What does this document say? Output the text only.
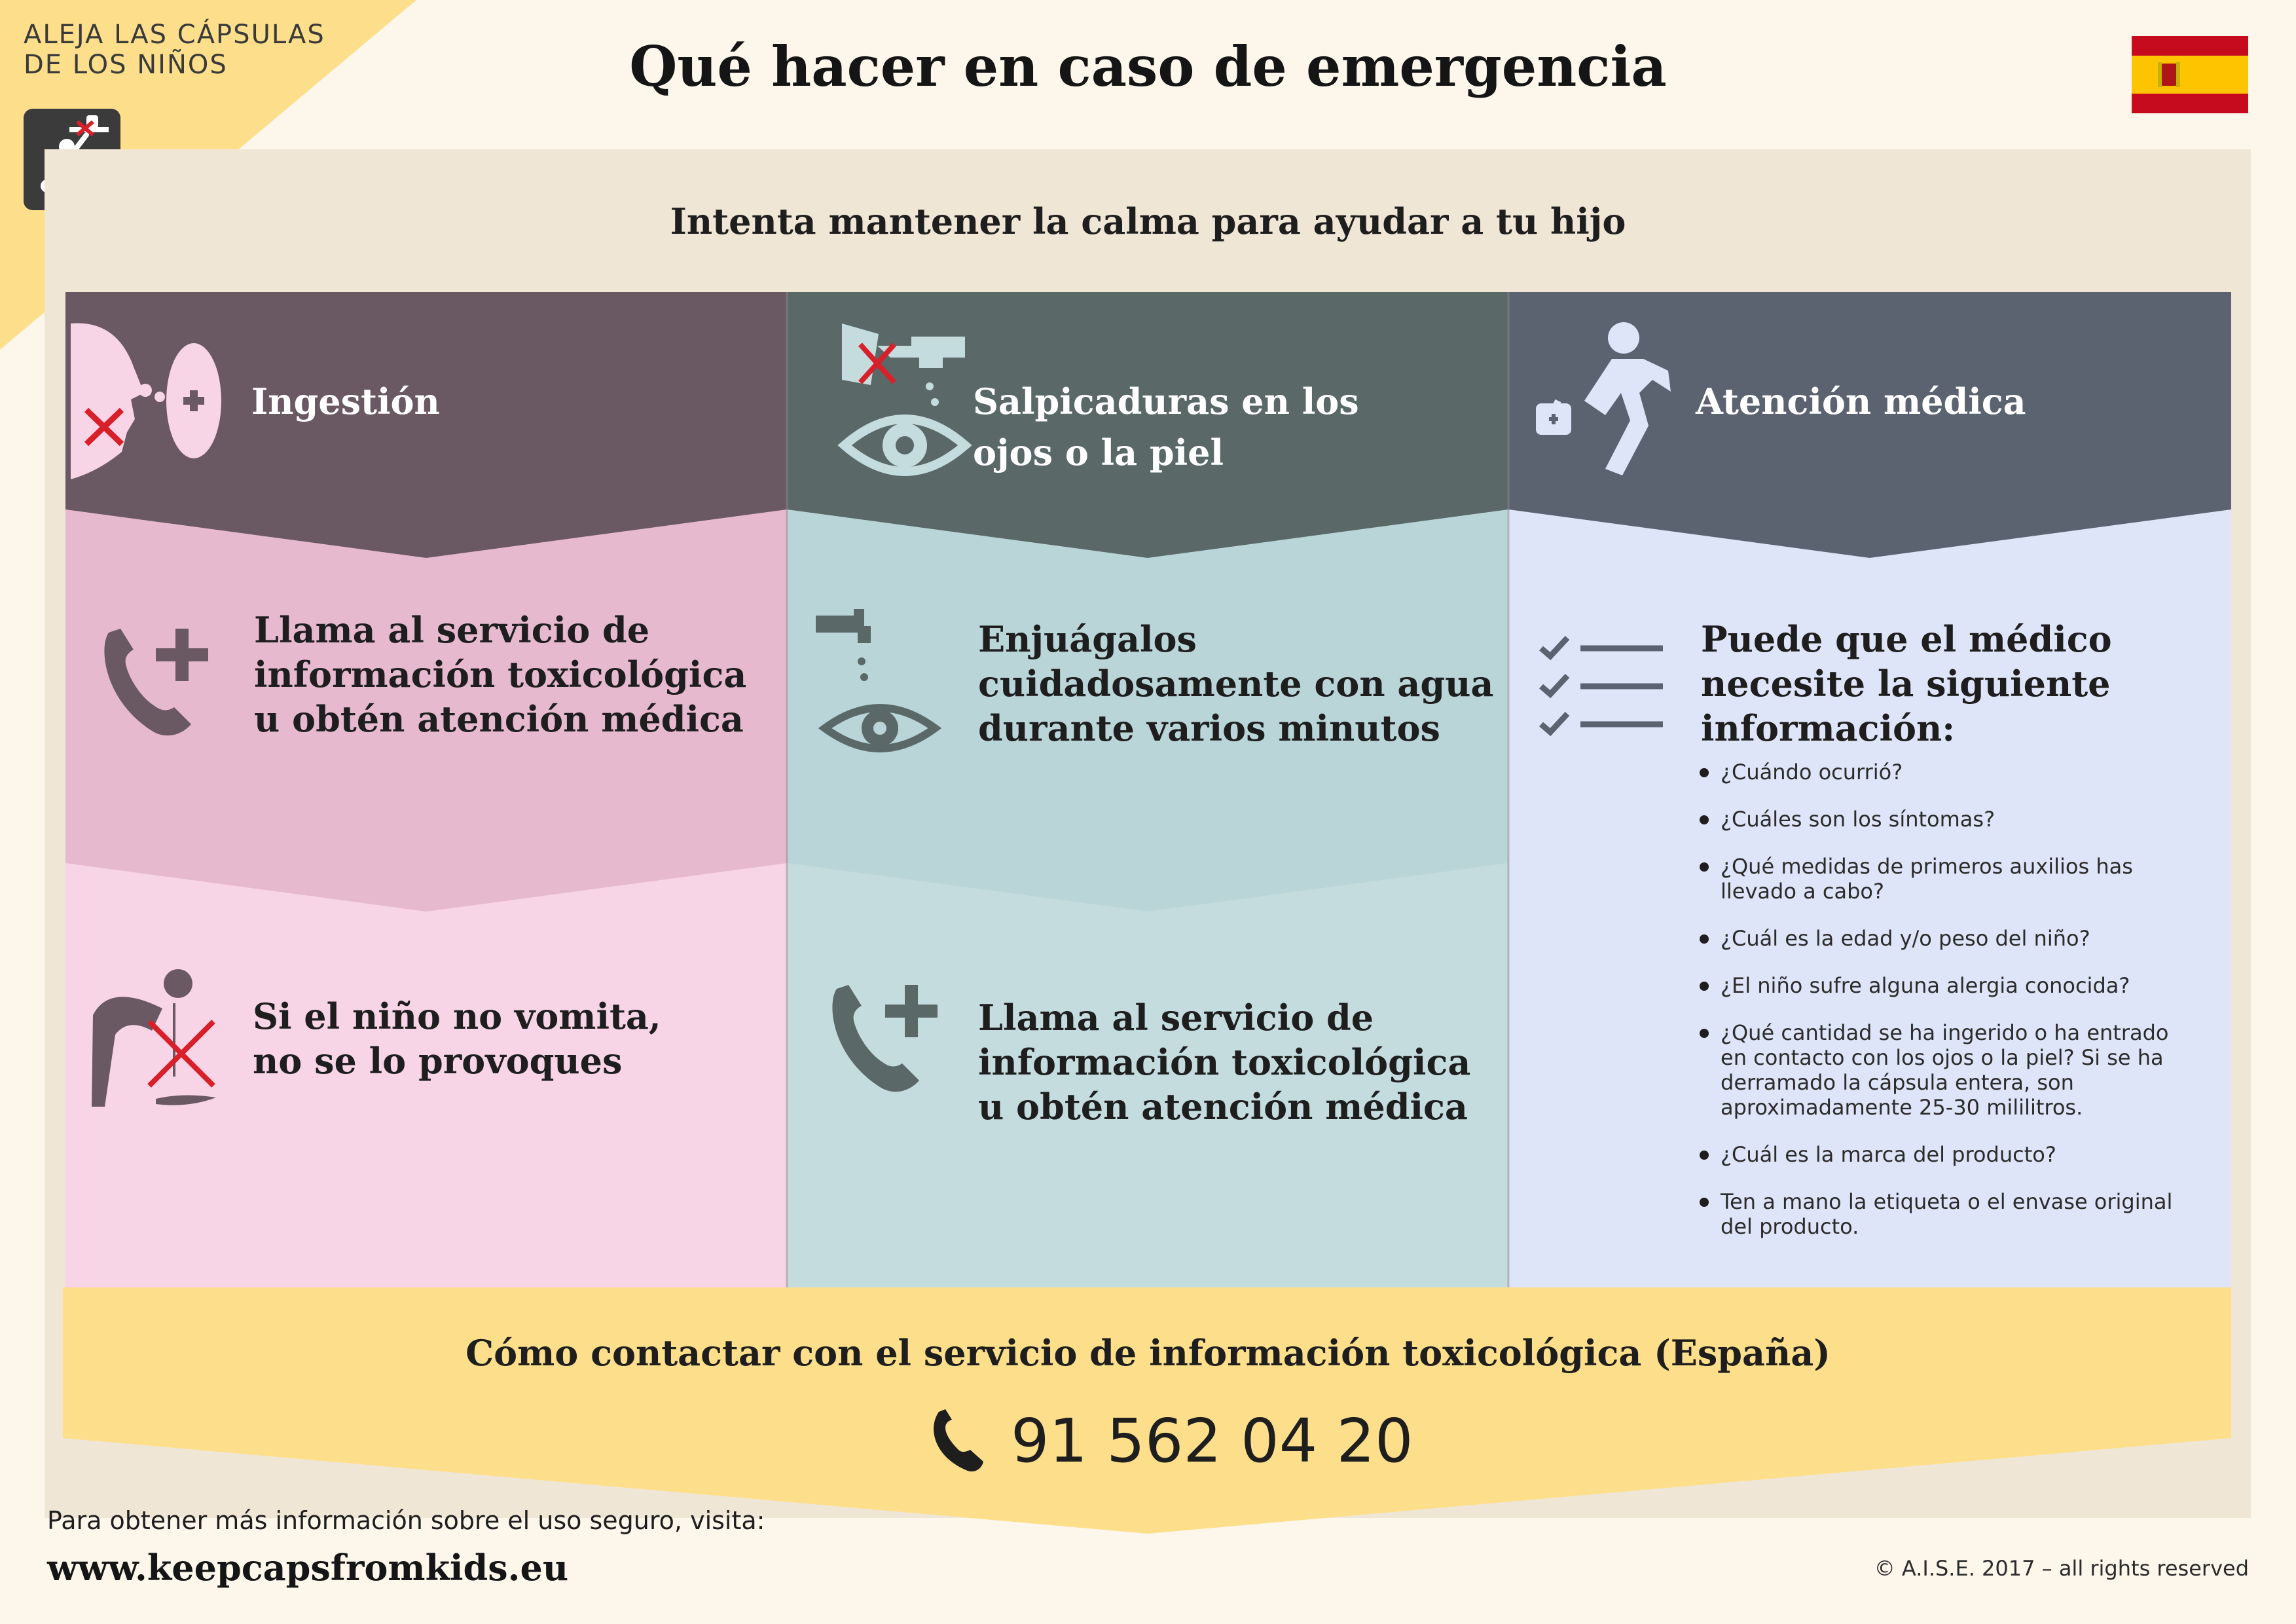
ALEJA LAS CÁPSULAS
DE LOS NIÑOS	Qué hacer en caso de emergencia
Intenta mantener la calma para ayudar a tu hijo
Ingestión	Salpicaduras en los
ojos o la piel
Atención médica
Llama al servicio de
información toxicológica
u obtén atención médica
Si el niño no vomita,
no se lo provoques
Enjuágalos
cuidadosamente con agua
durante varios minutos
Llama al servicio de
información toxicológica
u obtén atención médica
Puede que el médico
necesite la siguiente
información:
¿Cuándo ocurrió?
¿Cuáles son los síntomas?
¿Qué medidas de primeros auxilios has llevado a cabo?
¿Cuál es la edad y/o peso del niño?
¿El niño sufre alguna alergia conocida?
¿Qué cantidad se ha ingerido o ha entrado en contacto con los ojos o la piel? Si se ha derramado la cápsula entera, son aproximadamente 25-30 mililitros.
¿Cuál es la marca del producto?
Ten a mano la etiqueta o el envase original del producto.
Cómo contactar con el servicio de información toxicológica (España)
91 562 04 20
Para obtener más información sobre el uso seguro, visita:
www.keepcapsfromkids.eu	© A.I.S.E. 2017 – all rights reserved
